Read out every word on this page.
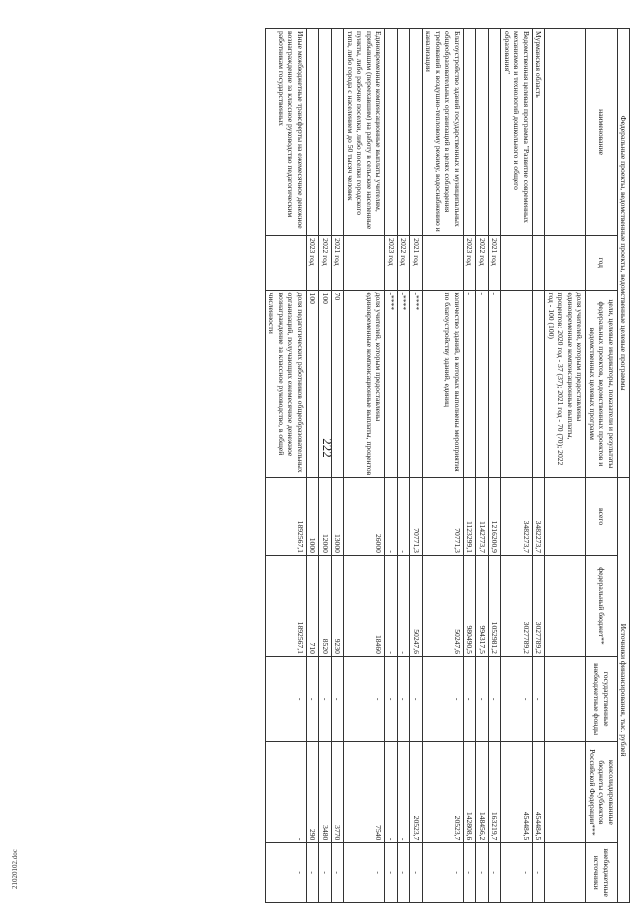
222
21020102.doc
Федеральные проекты, ведомственные проекты, ведомственные целевые программы			Источники финансирования, тыс. рублей				
наименование	год	цели, целевые индикаторы, показатели и результаты федеральных проектов, ведомственных проектов и ведомственных целевых программ	всего	федеральный бюджет**	государственные внебюджетные фонды	консолидированные бюджеты субъектов Российской Федерации***	внебюджетные источники
		доля учителей, которым предоставлены единовременные компенсационные выплаты, процентов: 2020 год - 37 (37); 2021 год - 70 (70); 2022 год - 100 (100)					
Мурманская область			3482273,7	3027789,2	-	454484,5	-
Ведомственная целевая программа "Развитие современных механизмов и технологий дошкольного и общего образования"			3482273,7	3027789,2	-	454484,5	-
	2021 год	-	1216200,9	1052981,2	-	163219,7	-
	2022 год	-	1142773,7	994317,5	-	148456,2	-
	2023 год	-	1123299,1	980490,5	-	142808,6	-
Благоустройство зданий государственных и муниципальных общеобразовательных организаций в целях соблюдения требований к воздушно-тепловому режиму, водоснабжению и канализации		количество зданий, в которых выполнены мероприятия по благоустройству зданий, единиц	70771,3	50247,6	-	20523,7	-
	2021 год	-****	70771,3	50247,6	-	20523,7	-
	2022 год	-****	-	-	-	-	-
	2023 год	-****	-	-	-	-	-
Единовременные компенсационные выплаты учителям, прибывшим (переехавшим) на работу в сельские населенные пункты, либо рабочие поселки, либо поселки городского типа, либо города с населением до 50 тысяч человек		доля учителей, которым предоставлены единовременные компенсационные выплаты, процентов	26000	18460	-	7540	-
	2021 год	70	13000	9230	-	3770	-
	2022 год	100	12000	8520	-	3480	-
	2023 год	100	1000	710	-	290	-
Иные межбюджетные трансферты на ежемесячное денежное вознаграждение за классное руководство педагогическим работникам государственных		доля педагогических работников общеобразовательных организаций, получающих ежемесячное денежное вознаграждение за классное руководство, в общей численности	1892567,1	1892567,1	-	-	-
